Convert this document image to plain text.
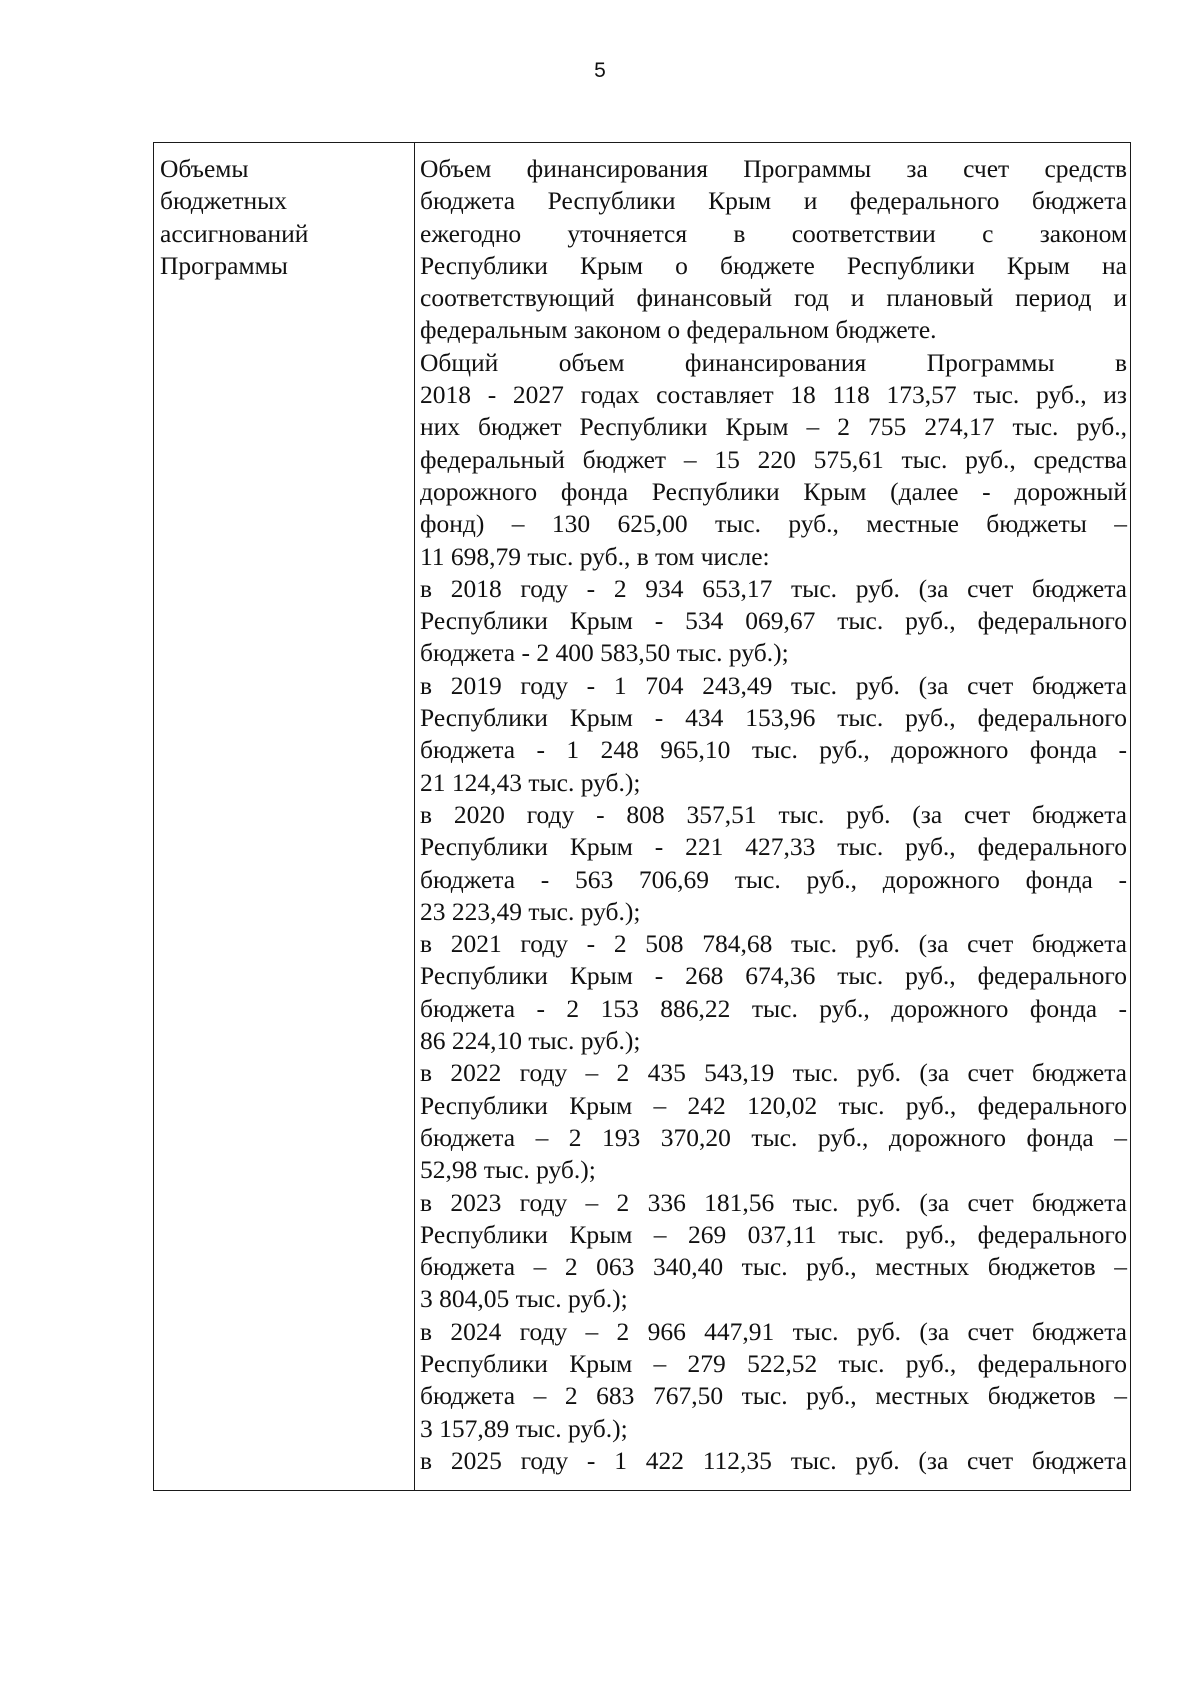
5
Объемы
бюджетных
ассигнований
Программы
Объем финансирования Программы за счет средств
бюджета Республики Крым и федерального бюджета
ежегодно уточняется в соответствии с законом
Республики Крым о бюджете Республики Крым на
соответствующий финансовый год и плановый период и
федеральным законом о федеральном бюджете.
Общий объем финансирования Программы в
2018 - 2027 годах составляет 18 118 173,57 тыс. руб., из
них бюджет Республики Крым – 2 755 274,17 тыс. руб.,
федеральный бюджет – 15 220 575,61 тыс. руб., средства
дорожного фонда Республики Крым (далее - дорожный
фонд) – 130 625,00 тыс. руб., местные бюджеты –
11 698,79 тыс. руб., в том числе:
в 2018 году - 2 934 653,17 тыс. руб. (за счет бюджета
Республики Крым - 534 069,67 тыс. руб., федерального
бюджета - 2 400 583,50 тыс. руб.);
в 2019 году - 1 704 243,49 тыс. руб. (за счет бюджета
Республики Крым - 434 153,96 тыс. руб., федерального
бюджета - 1 248 965,10 тыс. руб., дорожного фонда -
21 124,43 тыс. руб.);
в 2020 году - 808 357,51 тыс. руб. (за счет бюджета
Республики Крым - 221 427,33 тыс. руб., федерального
бюджета - 563 706,69 тыс. руб., дорожного фонда -
23 223,49 тыс. руб.);
в 2021 году - 2 508 784,68 тыс. руб. (за счет бюджета
Республики Крым - 268 674,36 тыс. руб., федерального
бюджета - 2 153 886,22 тыс. руб., дорожного фонда -
86 224,10 тыс. руб.);
в 2022 году – 2 435 543,19 тыс. руб. (за счет бюджета
Республики Крым – 242 120,02 тыс. руб., федерального
бюджета – 2 193 370,20 тыс. руб., дорожного фонда –
52,98 тыс. руб.);
в 2023 году – 2 336 181,56 тыс. руб. (за счет бюджета
Республики Крым – 269 037,11 тыс. руб., федерального
бюджета – 2 063 340,40 тыс. руб., местных бюджетов –
3 804,05 тыс. руб.);
в 2024 году – 2 966 447,91 тыс. руб. (за счет бюджета
Республики Крым – 279 522,52 тыс. руб., федерального
бюджета – 2 683 767,50 тыс. руб., местных бюджетов –
3 157,89 тыс. руб.);
в 2025 году - 1 422 112,35 тыс. руб. (за счет бюджета
